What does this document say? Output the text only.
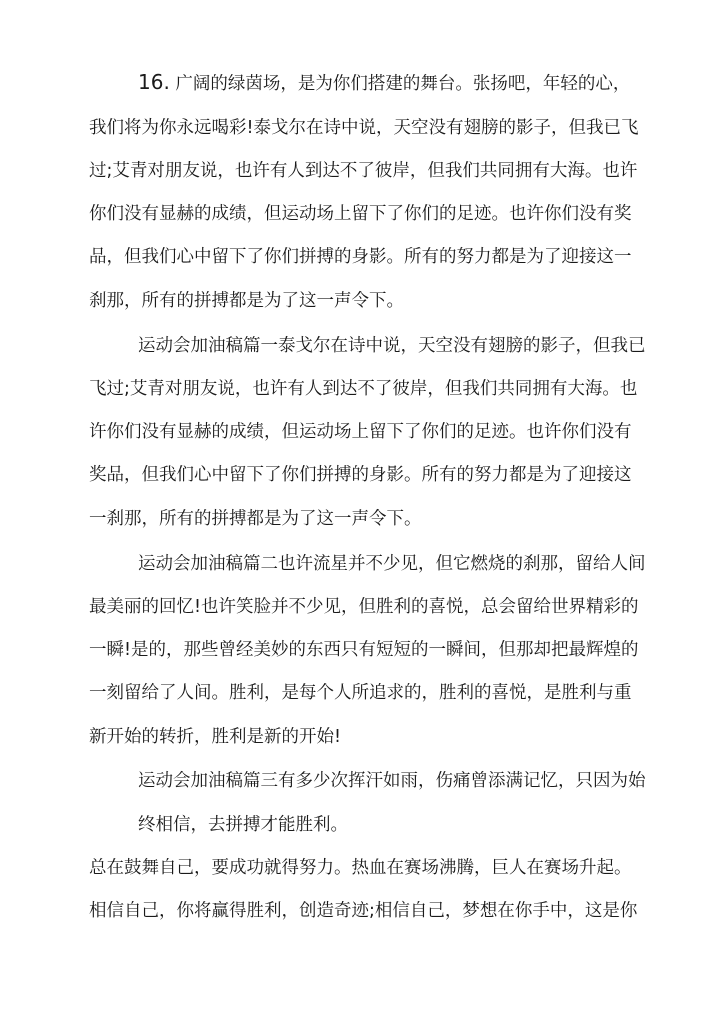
16. 广阔的绿茵场，是为你们搭建的舞台。张扬吧，年轻的心，
我们将为你永远喝彩!泰戈尔在诗中说，天空没有翅膀的影子，但我已飞
过;艾青对朋友说，也许有人到达不了彼岸，但我们共同拥有大海。也许
你们没有显赫的成绩，但运动场上留下了你们的足迹。也许你们没有奖
品，但我们心中留下了你们拼搏的身影。所有的努力都是为了迎接这一
刹那，所有的拼搏都是为了这一声令下。
运动会加油稿篇一泰戈尔在诗中说，天空没有翅膀的影子，但我已
飞过;艾青对朋友说，也许有人到达不了彼岸，但我们共同拥有大海。也
许你们没有显赫的成绩，但运动场上留下了你们的足迹。也许你们没有
奖品，但我们心中留下了你们拼搏的身影。所有的努力都是为了迎接这
一刹那，所有的拼搏都是为了这一声令下。
运动会加油稿篇二也许流星并不少见，但它燃烧的刹那，留给人间
最美丽的回忆!也许笑脸并不少见，但胜利的喜悦，总会留给世界精彩的
一瞬!是的，那些曾经美妙的东西只有短短的一瞬间，但那却把最辉煌的
一刻留给了人间。胜利，是每个人所追求的，胜利的喜悦，是胜利与重
新开始的转折，胜利是新的开始!
运动会加油稿篇三有多少次挥汗如雨，伤痛曾添满记忆，只因为始
终相信，去拼搏才能胜利。
总在鼓舞自己，要成功就得努力。热血在赛场沸腾，巨人在赛场升起。
相信自己，你将赢得胜利，创造奇迹;相信自己，梦想在你手中，这是你
